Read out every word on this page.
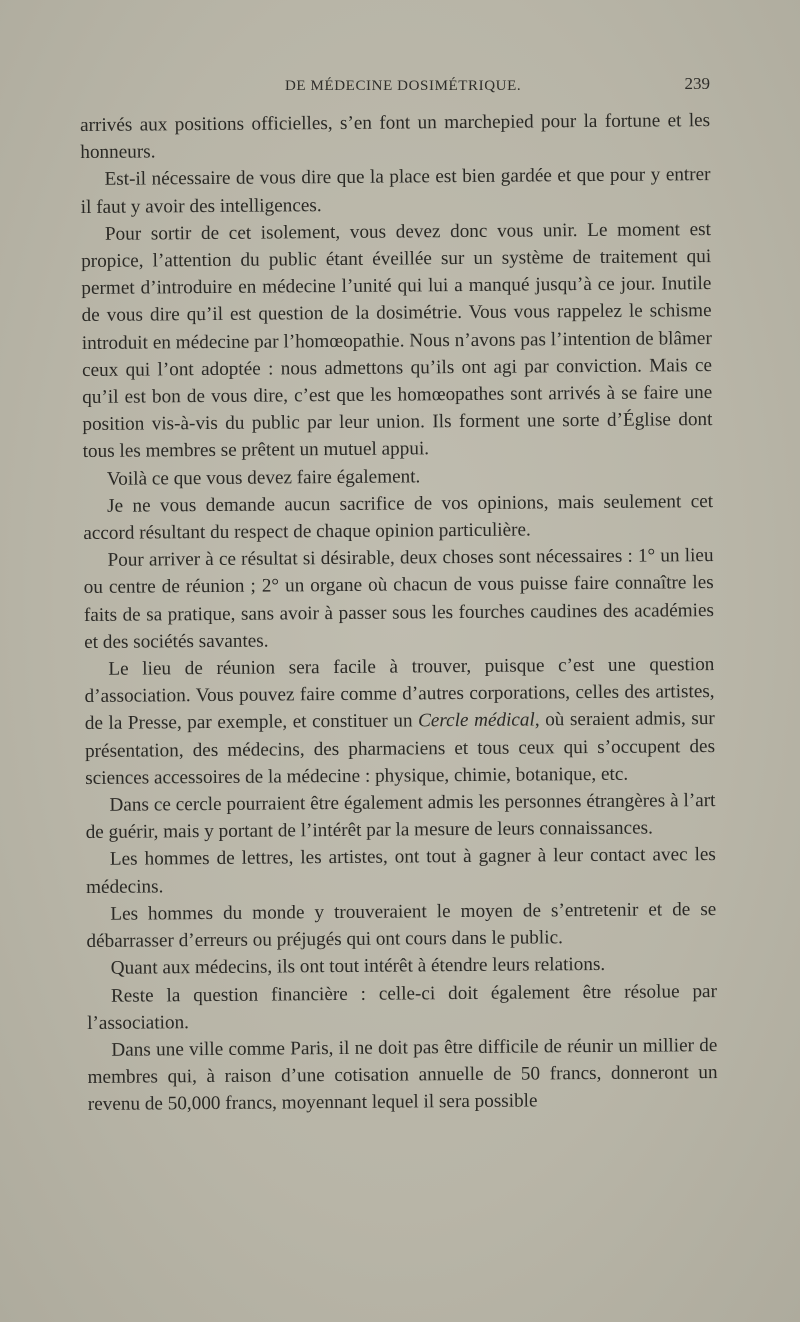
DE MÉDECINE DOSIMÉTRIQUE.	239

arrivés aux positions officielles, s’en font un marchepied pour la fortune et les honneurs.

Est-il nécessaire de vous dire que la place est bien gardée et que pour y entrer il faut y avoir des intelligences.

Pour sortir de cet isolement, vous devez donc vous unir. Le moment est propice, l’attention du public étant éveillée sur un système de traitement qui permet d’introduire en médecine l’unité qui lui a manqué jusqu’à ce jour. Inutile de vous dire qu’il est question de la dosimétrie. Vous vous rappelez le schisme introduit en médecine par l’homœopathie. Nous n’avons pas l’intention de blâmer ceux qui l’ont adoptée : nous admettons qu’ils ont agi par conviction. Mais ce qu’il est bon de vous dire, c’est que les homœopathes sont arrivés à se faire une position vis-à-vis du public par leur union. Ils forment une sorte d’Église dont tous les membres se prêtent un mutuel appui.

Voilà ce que vous devez faire également.

Je ne vous demande aucun sacrifice de vos opinions, mais seulement cet accord résultant du respect de chaque opinion particulière.

Pour arriver à ce résultat si désirable, deux choses sont nécessaires : 1° un lieu ou centre de réunion ; 2° un organe où chacun de vous puisse faire connaître les faits de sa pratique, sans avoir à passer sous les fourches caudines des académies et des sociétés savantes.

Le lieu de réunion sera facile à trouver, puisque c’est une question d’association. Vous pouvez faire comme d’autres corporations, celles des artistes, de la Presse, par exemple, et constituer un Cercle médical, où seraient admis, sur présentation, des médecins, des pharmaciens et tous ceux qui s’occupent des sciences accessoires de la médecine : physique, chimie, botanique, etc.

Dans ce cercle pourraient être également admis les personnes étrangères à l’art de guérir, mais y portant de l’intérêt par la mesure de leurs connaissances.

Les hommes de lettres, les artistes, ont tout à gagner à leur contact avec les médecins.

Les hommes du monde y trouveraient le moyen de s’entretenir et de se débarrasser d’erreurs ou préjugés qui ont cours dans le public.

Quant aux médecins, ils ont tout intérêt à étendre leurs relations.

Reste la question financière : celle-ci doit également être résolue par l’association.

Dans une ville comme Paris, il ne doit pas être difficile de réunir un millier de membres qui, à raison d’une cotisation annuelle de 50 francs, donneront un revenu de 50,000 francs, moyennant lequel il sera possible
